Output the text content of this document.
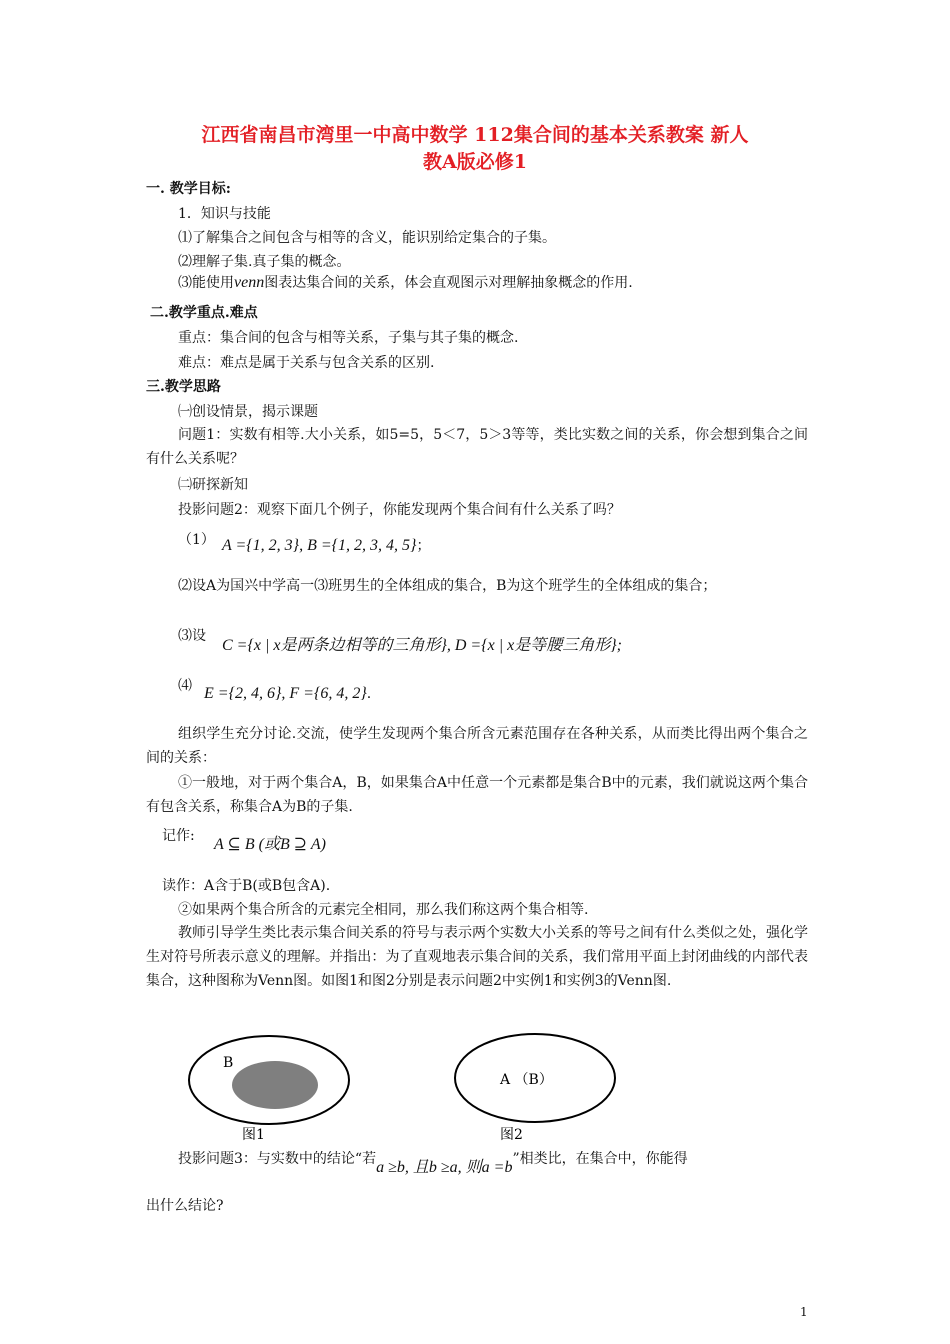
江西省南昌市湾里一中高中数学 112集合间的基本关系教案 新人
教A版必修1
一. 教学目标:
1．知识与技能
⑴了解集合之间包含与相等的含义，能识别给定集合的子集。
⑵理解子集.真子集的概念。
⑶能使用venn图表达集合间的关系，体会直观图示对理解抽象概念的作用.
二.教学重点.难点
重点：集合间的包含与相等关系，子集与其子集的概念.
难点：难点是属于关系与包含关系的区别.
三.教学思路
㈠创设情景，揭示课题
问题1：实数有相等.大小关系，如5=5，5＜7，5＞3等等，类比实数之间的关系，你会想到集合之间有什么关系呢？
㈡研探新知
投影问题2：观察下面几个例子，你能发现两个集合间有什么关系了吗？
（1） A ={1, 2, 3}, B ={1, 2, 3, 4, 5}；
⑵设A为国兴中学高一⑶班男生的全体组成的集合，B为这个班学生的全体组成的集合；
⑶设
C ={x | x是两条边相等的三角形}, D ={x | x是等腰三角形};
⑷ E ={2, 4, 6}, F ={6, 4, 2}.
组织学生充分讨论.交流，使学生发现两个集合所含元素范围存在各种关系，从而类比得出两个集合之间的关系：
①一般地，对于两个集合A，B，如果集合A中任意一个元素都是集合B中的元素，我们就说这两个集合有包含关系，称集合A为B的子集.
记作: A ⊆ B (或B ⊇ A)
读作：A含于B(或B包含A).
②如果两个集合所含的元素完全相同，那么我们称这两个集合相等.
教师引导学生类比表示集合间关系的符号与表示两个实数大小关系的等号之间有什么类似之处，强化学生对符号所表示意义的理解。并指出：为了直观地表示集合间的关系，我们常用平面上封闭曲线的内部代表集合，这种图称为Venn图。如图1和图2分别是表示问题2中实例1和实例3的Venn图.
B
图1
A （B）
图2
投影问题3：与实数中的结论“若a ≥b, 且b ≥a, 则a =b”相类比，在集合中，你能得
出什么结论?
1
